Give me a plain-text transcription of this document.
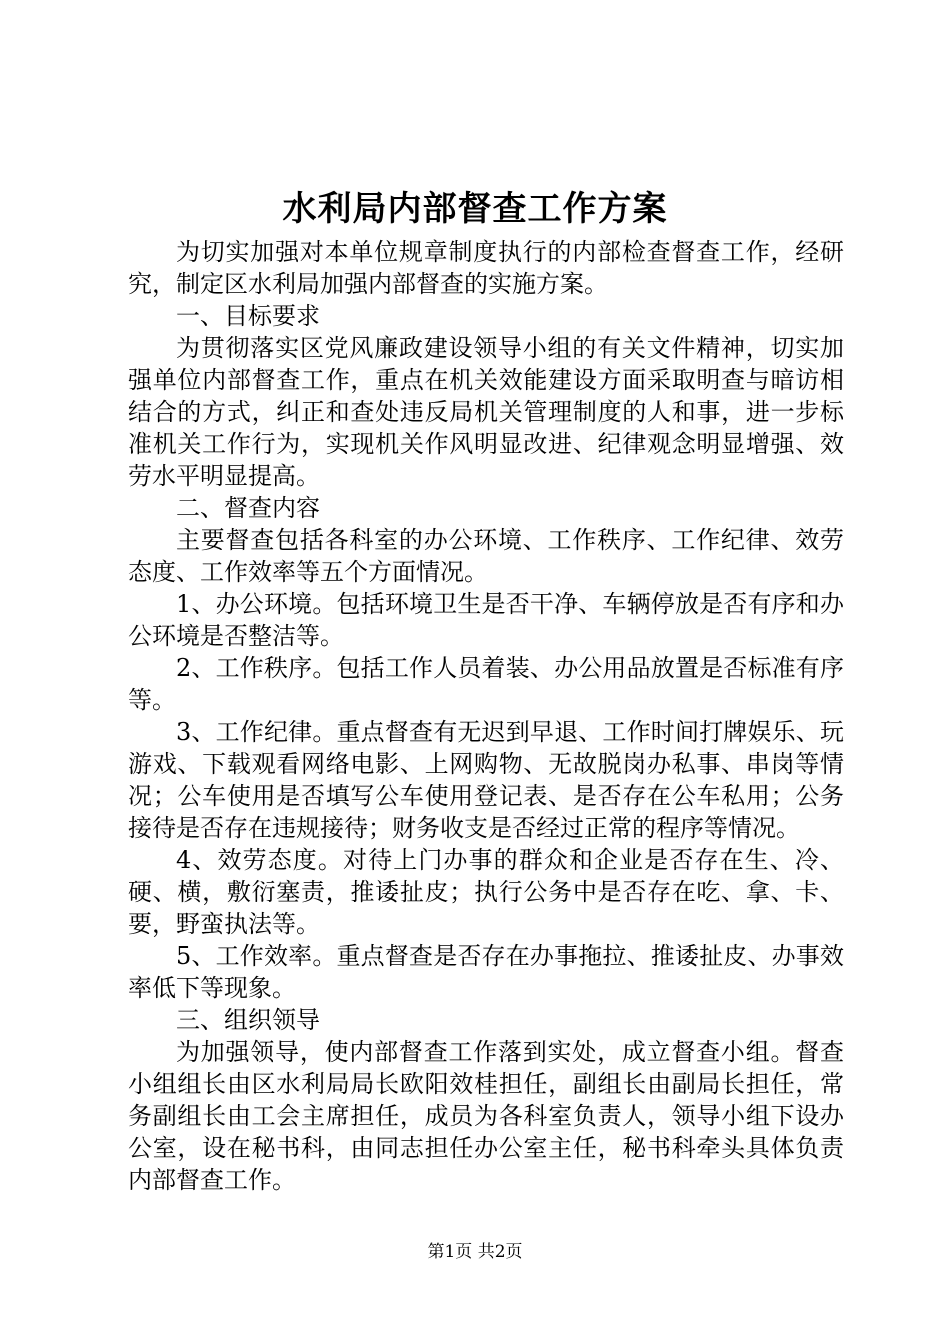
水利局内部督查工作方案

为切实加强对本单位规章制度执行的内部检查督查工作，经研究，制定区水利局加强内部督查的实施方案。

一、目标要求

为贯彻落实区党风廉政建设领导小组的有关文件精神，切实加强单位内部督查工作，重点在机关效能建设方面采取明查与暗访相结合的方式，纠正和查处违反局机关管理制度的人和事，进一步标准机关工作行为，实现机关作风明显改进、纪律观念明显增强、效劳水平明显提高。

二、督查内容

主要督查包括各科室的办公环境、工作秩序、工作纪律、效劳态度、工作效率等五个方面情况。

1、办公环境。包括环境卫生是否干净、车辆停放是否有序和办公环境是否整洁等。

2、工作秩序。包括工作人员着装、办公用品放置是否标准有序等。

3、工作纪律。重点督查有无迟到早退、工作时间打牌娱乐、玩游戏、下载观看网络电影、上网购物、无故脱岗办私事、串岗等情况；公车使用是否填写公车使用登记表、是否存在公车私用；公务接待是否存在违规接待；财务收支是否经过正常的程序等情况。

4、效劳态度。对待上门办事的群众和企业是否存在生、冷、硬、横，敷衍塞责，推诿扯皮；执行公务中是否存在吃、拿、卡、要，野蛮执法等。

5、工作效率。重点督查是否存在办事拖拉、推诿扯皮、办事效率低下等现象。

三、组织领导

为加强领导，使内部督查工作落到实处，成立督查小组。督查小组组长由区水利局局长欧阳效桂担任，副组长由副局长担任，常务副组长由工会主席担任，成员为各科室负责人，领导小组下设办公室，设在秘书科，由同志担任办公室主任，秘书科牵头具体负责内部督查工作。

第1页 共2页
